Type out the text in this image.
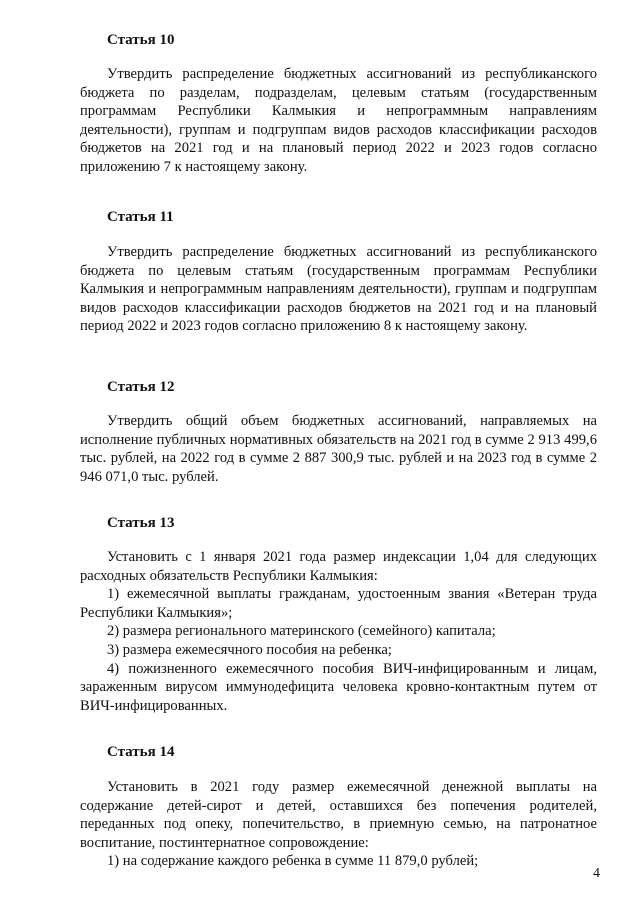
Статья 10

Утвердить распределение бюджетных ассигнований из республиканского бюджета по разделам, подразделам, целевым статьям (государственным программам Республики Калмыкия и непрограммным направлениям деятельности), группам и подгруппам видов расходов классификации расходов бюджетов на 2021 год и на плановый период 2022 и 2023 годов согласно приложению 7 к настоящему закону.

Статья 11

Утвердить распределение бюджетных ассигнований из республиканского бюджета по целевым статьям (государственным программам Республики Калмыкия и непрограммным направлениям деятельности), группам и подгруппам видов расходов классификации расходов бюджетов на 2021 год и на плановый период 2022 и 2023 годов согласно приложению 8 к настоящему закону.

Статья 12

Утвердить общий объем бюджетных ассигнований, направляемых на исполнение публичных нормативных обязательств на 2021 год в сумме 2 913 499,6 тыс. рублей, на 2022 год в сумме 2 887 300,9 тыс. рублей и на 2023 год в сумме 2 946 071,0 тыс. рублей.

Статья 13

Установить с 1 января 2021 года размер индексации 1,04 для следующих расходных обязательств Республики Калмыкия:

1) ежемесячной выплаты гражданам, удостоенным звания «Ветеран труда Республики Калмыкия»;

2) размера регионального материнского (семейного) капитала;

3) размера ежемесячного пособия на ребенка;

4) пожизненного ежемесячного пособия ВИЧ-инфицированным и лицам, зараженным вирусом иммунодефицита человека кровно-контактным путем от ВИЧ-инфицированных.

Статья 14

Установить в 2021 году размер ежемесячной денежной выплаты на содержание детей-сирот и детей, оставшихся без попечения родителей, переданных под опеку, попечительство, в приемную семью, на патронатное воспитание, постинтернатное сопровождение:

1) на содержание каждого ребенка в сумме 11 879,0 рублей;

4
